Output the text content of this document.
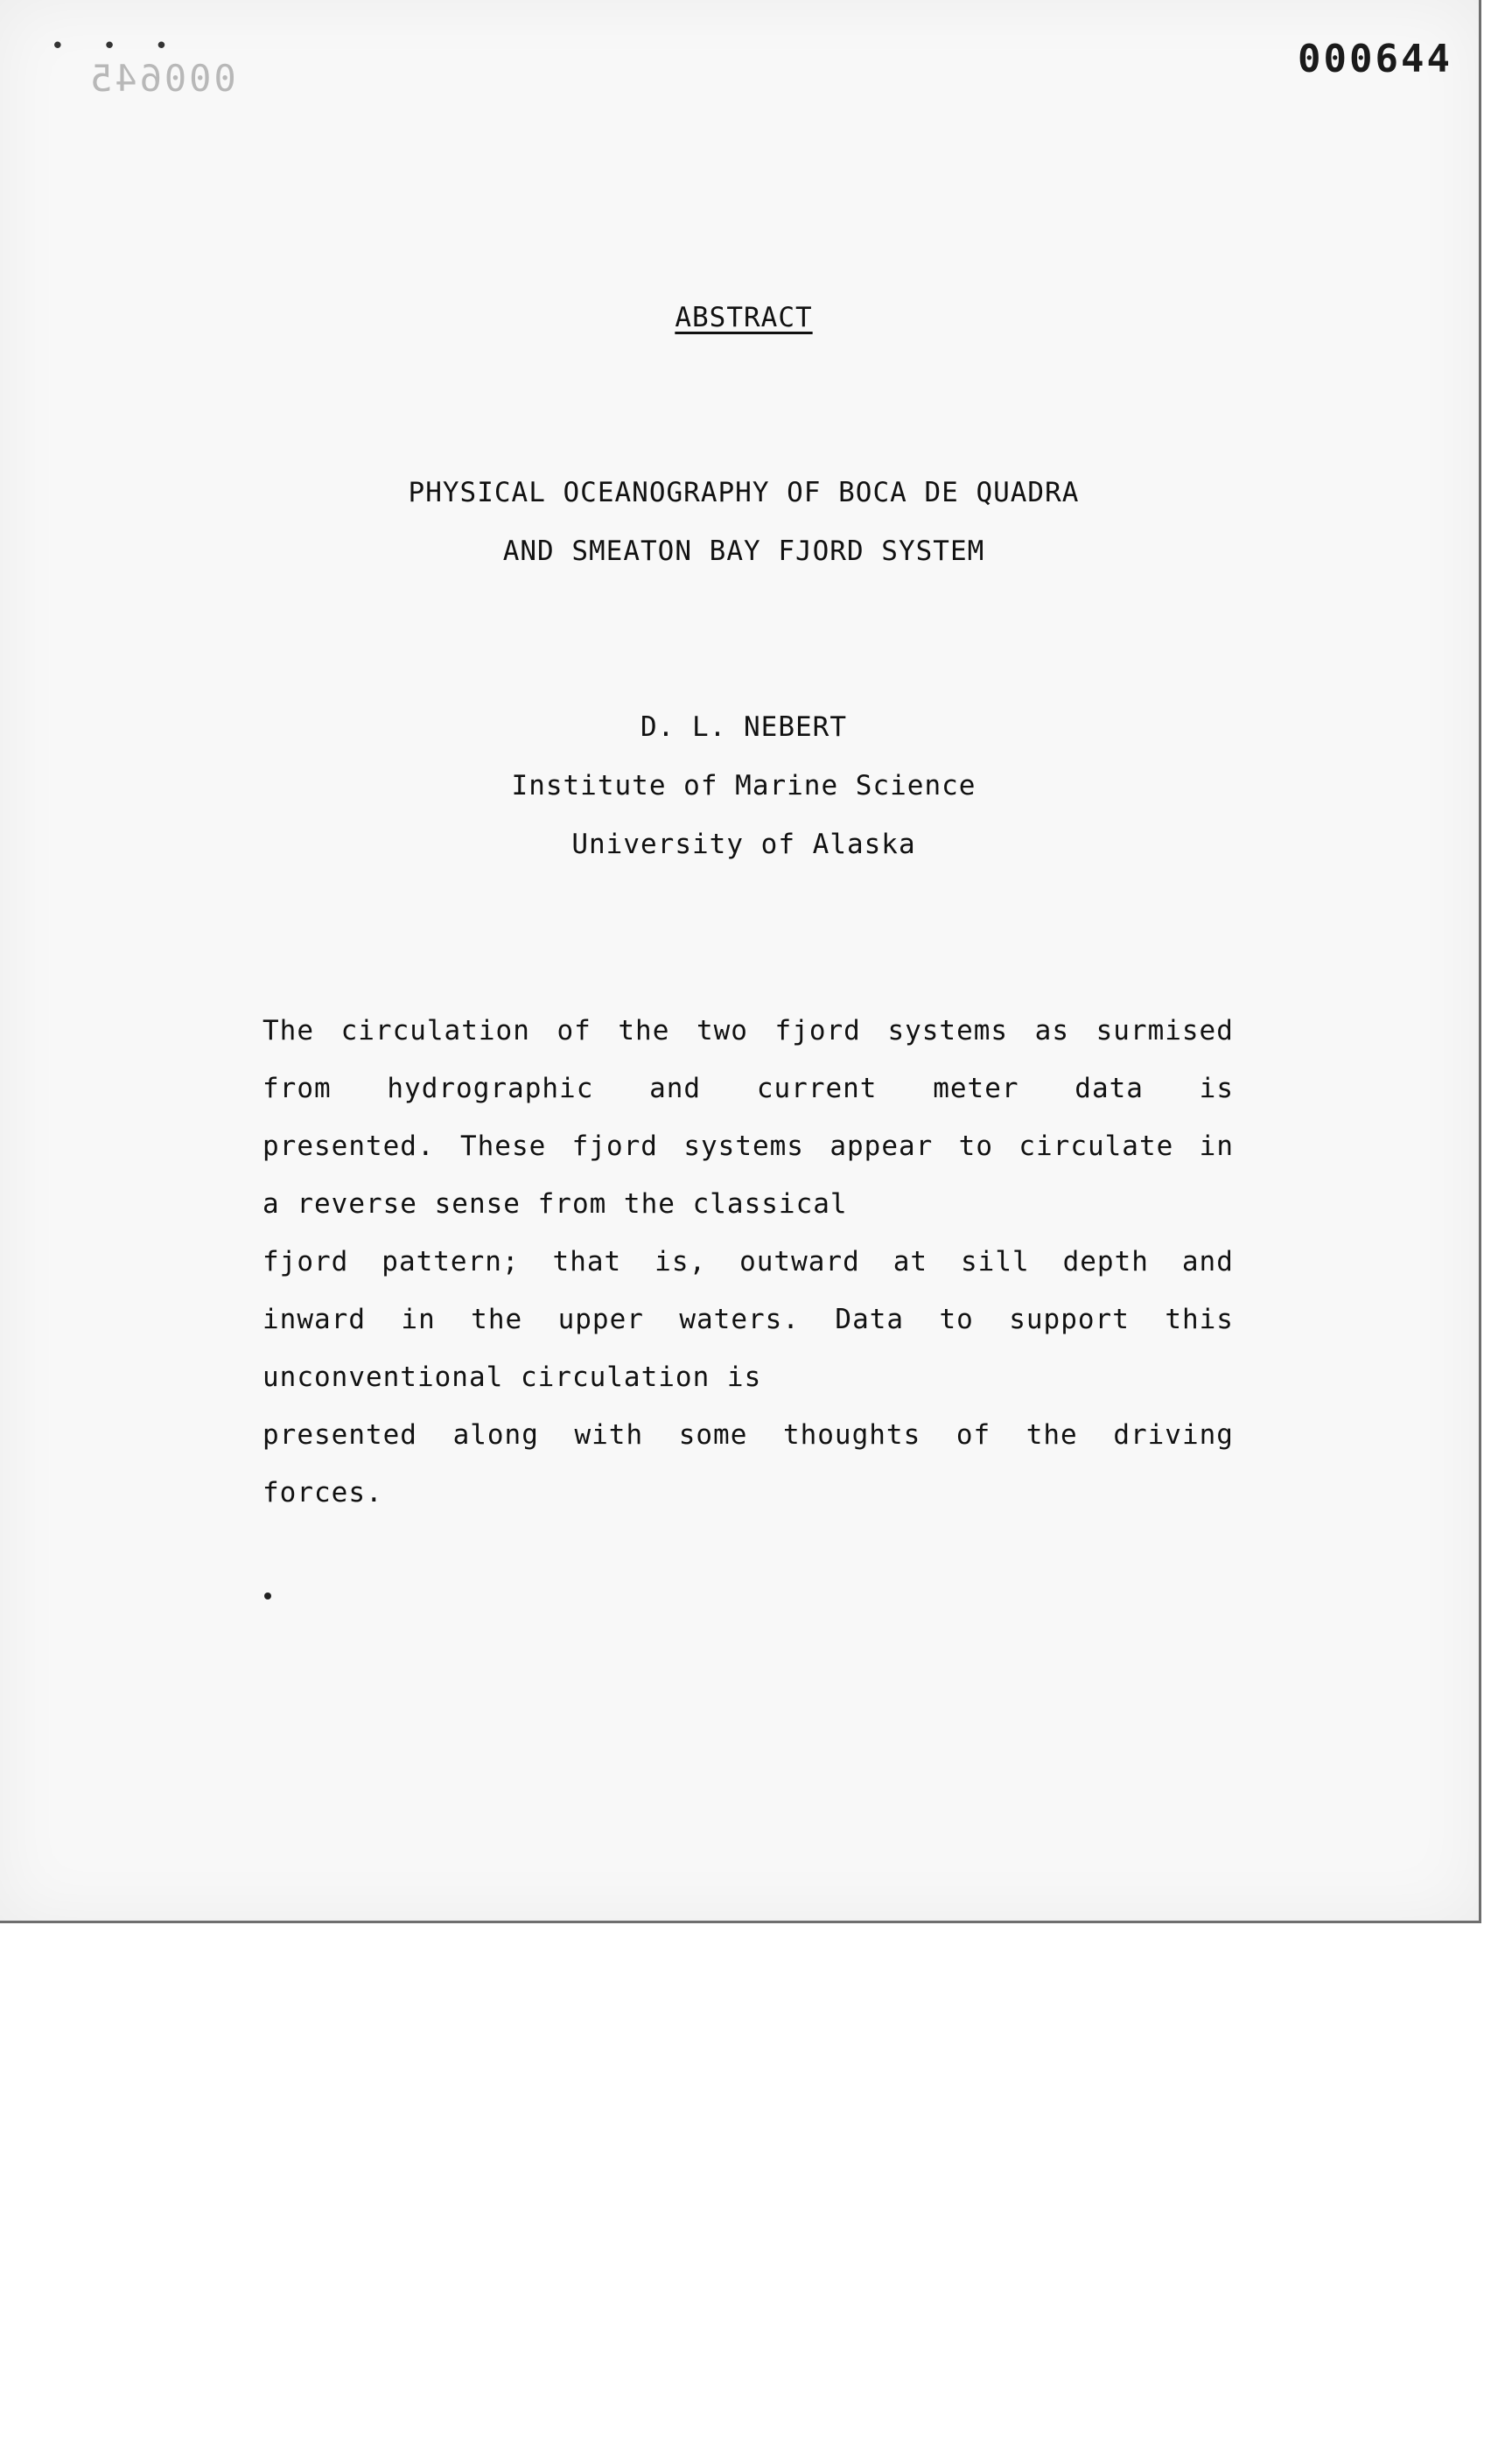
• • •
000645	000644
ABSTRACT
PHYSICAL OCEANOGRAPHY OF BOCA DE QUADRA
AND SMEATON BAY FJORD SYSTEM
D. L. NEBERT
Institute of Marine Science
University of Alaska
The circulation of the two fjord systems as surmised
from hydrographic and current meter data is
presented. These fjord systems appear to circulate in
a reverse sense from the classical
fjord pattern; that is, outward at sill depth and
inward in the upper waters. Data to support this
unconventional circulation is
presented along with some thoughts of the driving
forces.
